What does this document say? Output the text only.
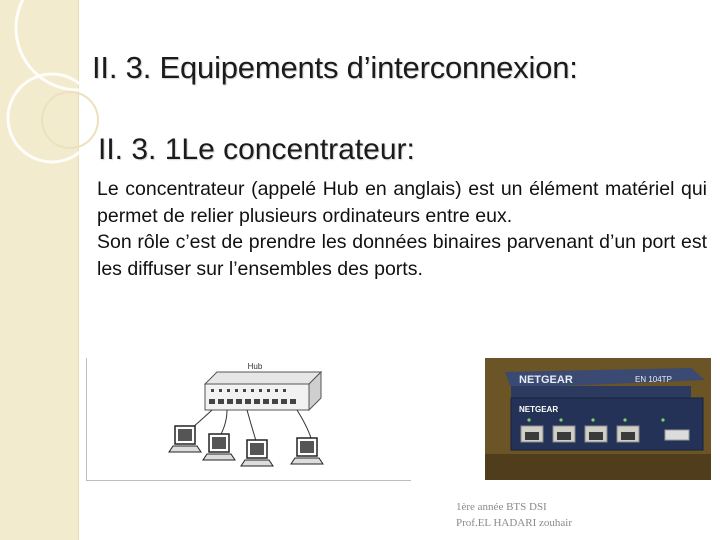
II. 3. Equipements d’interconnexion:
II. 3. 1Le concentrateur:

Le concentrateur (appelé Hub en anglais) est un élément matériel qui permet de relier plusieurs ordinateurs entre eux.

Son rôle c’est de prendre les données binaires parvenant d’un port est les diffuser sur l’ensembles des ports.

Hub
NETGEAR	EN 104TP
NETGEAR
1ère année BTS DSI
Prof.EL HADARI zouhair
